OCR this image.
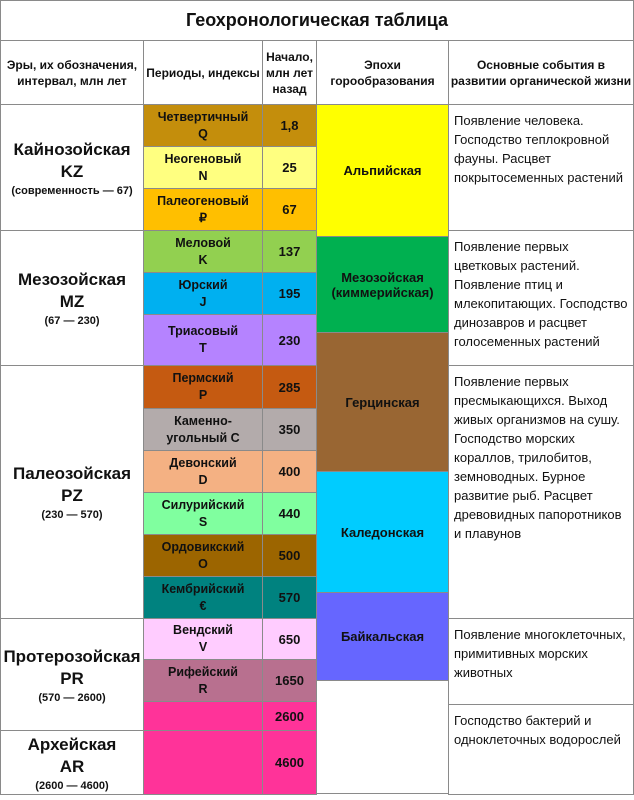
Геохронологическая таблица
Эры, их обозначения, интервал, млн лет
Периоды, индексы
Начало, млн лет назад
Эпохи горообразования
Основные события в развитии органической жизни
Кайнозойская
KZ
(современность — 67)
Мезозойская
MZ
(67 — 230)
Палеозойская
PZ
(230 — 570)
Протерозойская
PR
(570 — 2600)
Архейская
AR
(2600 — 4600)
Четвертичный
Q
1,8
Неогеновый
N
25
Палеогеновый
₽
67
Меловой
K
137
Юрский
J
195
Триасовый
T
230
Пермский
P
285
Каменно-
угольный C
350
Девонский
D
400
Силурийский
S
440
Ордовикский
O
500
Кембрийский
€
570
Вендский
V
650
Рифейский
R
1650
2600
4600
Альпийская
Мезозойская (киммерийская)
Герцинская
Каледонская
Байкальская
Появление человека. Господство теплокровной фауны. Расцвет покрытосеменных растений
Появление первых цветковых растений. Появление птиц и млекопитающих. Господство динозавров и расцвет голосеменных растений
Появление первых пресмыкающихся. Выход живых организмов на сушу. Господство морских кораллов, трилобитов, земноводных. Бурное развитие рыб. Расцвет древовидных папоротников и плавунов
Появление многоклеточных, примитивных морских животных
Господство бактерий и одноклеточных водорослей
